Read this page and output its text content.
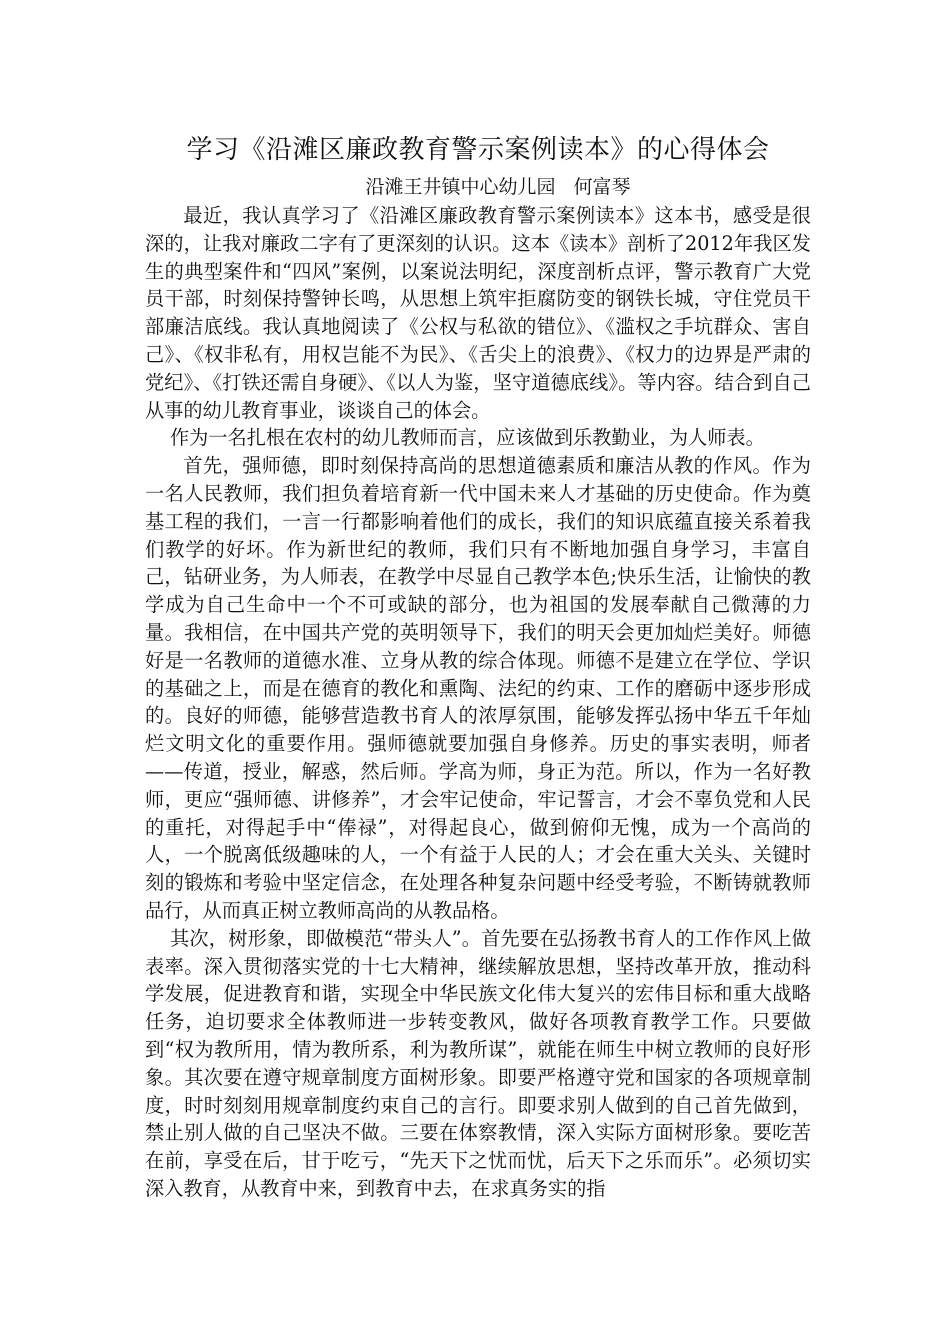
学习《沿滩区廉政教育警示案例读本》的心得体会

沿滩王井镇中心幼儿园   何富琴

最近，我认真学习了《沿滩区廉政教育警示案例读本》这本书，感受是很深的，让我对廉政二字有了更深刻的认识。这本《读本》剖析了2012年我区发生的典型案件和“四风”案例，以案说法明纪，深度剖析点评，警示教育广大党员干部，时刻保持警钟长鸣，从思想上筑牢拒腐防变的钢铁长城，守住党员干部廉洁底线。我认真地阅读了《公权与私欲的错位》、《滥权之手坑群众、害自己》、《权非私有，用权岂能不为民》、《舌尖上的浪费》、《权力的边界是严肃的党纪》、《打铁还需自身硬》、《以人为鉴，坚守道德底线》。等内容。结合到自己从事的幼儿教育事业，谈谈自己的体会。

作为一名扎根在农村的幼儿教师而言，应该做到乐教勤业，为人师表。

首先，强师德，即时刻保持高尚的思想道德素质和廉洁从教的作风。作为一名人民教师，我们担负着培育新一代中国未来人才基础的历史使命。作为奠基工程的我们，一言一行都影响着他们的成长，我们的知识底蕴直接关系着我们教学的好坏。作为新世纪的教师，我们只有不断地加强自身学习，丰富自己，钻研业务，为人师表，在教学中尽显自己教学本色;快乐生活，让愉快的教学成为自己生命中一个不可或缺的部分，也为祖国的发展奉献自己微薄的力量。我相信，在中国共产党的英明领导下，我们的明天会更加灿烂美好。师德好是一名教师的道德水准、立身从教的综合体现。师德不是建立在学位、学识的基础之上，而是在德育的教化和熏陶、法纪的约束、工作的磨砺中逐步形成的。良好的师德，能够营造教书育人的浓厚氛围，能够发挥弘扬中华五千年灿烂文明文化的重要作用。强师德就要加强自身修养。历史的事实表明，师者——传道，授业，解惑，然后师。学高为师，身正为范。所以，作为一名好教师，更应“强师德、讲修养”，才会牢记使命，牢记誓言，才会不辜负党和人民的重托，对得起手中“俸禄”，对得起良心，做到俯仰无愧，成为一个高尚的人，一个脱离低级趣味的人，一个有益于人民的人；才会在重大关头、关键时刻的锻炼和考验中坚定信念，在处理各种复杂问题中经受考验，不断铸就教师品行，从而真正树立教师高尚的从教品格。

其次，树形象，即做模范“带头人”。首先要在弘扬教书育人的工作作风上做表率。深入贯彻落实党的十七大精神，继续解放思想，坚持改革开放，推动科学发展，促进教育和谐，实现全中华民族文化伟大复兴的宏伟目标和重大战略任务，迫切要求全体教师进一步转变教风，做好各项教育教学工作。只要做到“权为教所用，情为教所系，利为教所谋”，就能在师生中树立教师的良好形象。其次要在遵守规章制度方面树形象。即要严格遵守党和国家的各项规章制度，时时刻刻用规章制度约束自己的言行。即要求别人做到的自己首先做到，禁止别人做的自己坚决不做。三要在体察教情，深入实际方面树形象。要吃苦在前，享受在后，甘于吃亏，“先天下之忧而忧，后天下之乐而乐”。必须切实深入教育，从教育中来，到教育中去，在求真务实的指
